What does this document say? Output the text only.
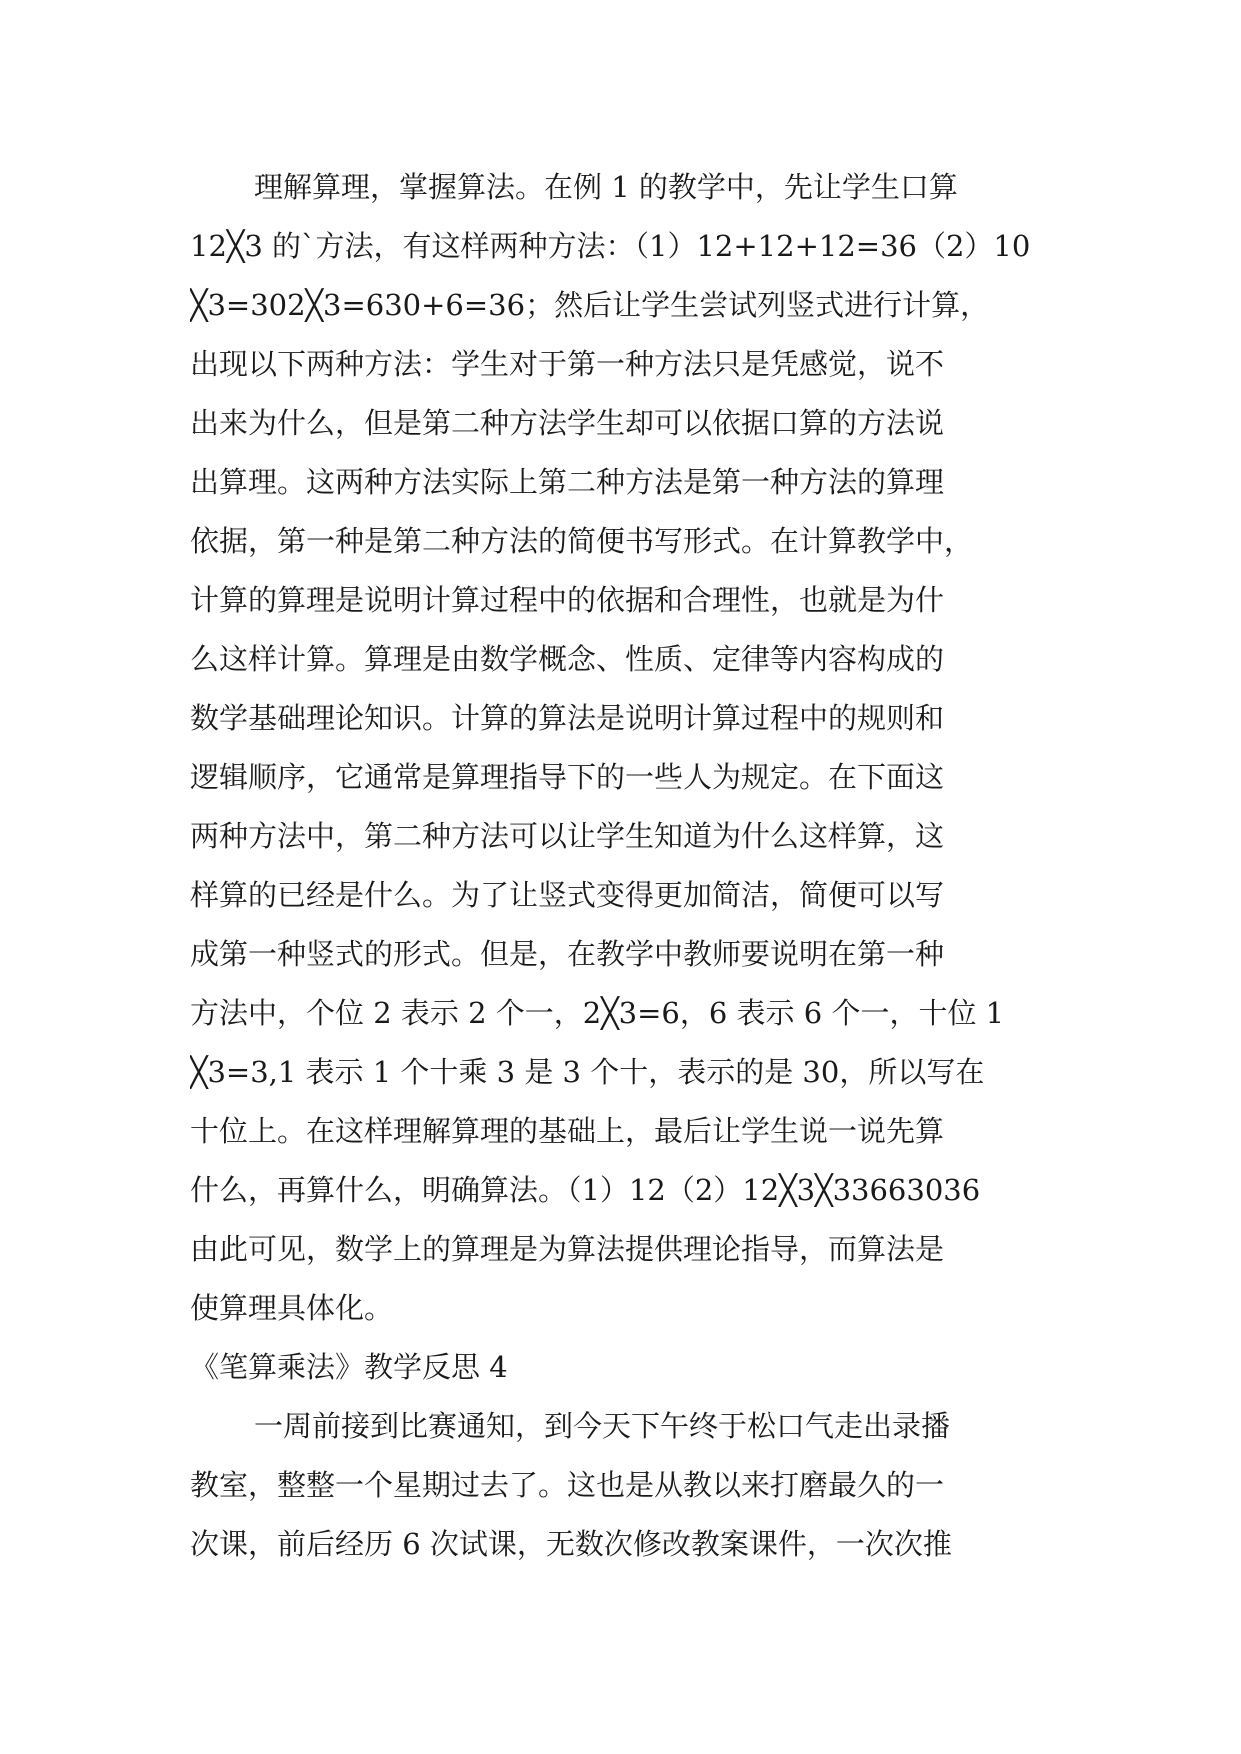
理解算理，掌握算法。在例 1 的教学中，先让学生口算
12╳3 的`方法，有这样两种方法：（1）12+12+12=36（2）10
╳3=302╳3=630+6=36；然后让学生尝试列竖式进行计算，
出现以下两种方法：学生对于第一种方法只是凭感觉，说不
出来为什么，但是第二种方法学生却可以依据口算的方法说
出算理。这两种方法实际上第二种方法是第一种方法的算理
依据，第一种是第二种方法的简便书写形式。在计算教学中，
计算的算理是说明计算过程中的依据和合理性，也就是为什
么这样计算。算理是由数学概念、性质、定律等内容构成的
数学基础理论知识。计算的算法是说明计算过程中的规则和
逻辑顺序，它通常是算理指导下的一些人为规定。在下面这
两种方法中，第二种方法可以让学生知道为什么这样算，这
样算的已经是什么。为了让竖式变得更加简洁，简便可以写
成第一种竖式的形式。但是，在教学中教师要说明在第一种
方法中，个位 2 表示 2 个一，2╳3=6，6 表示 6 个一，十位 1
╳3=3,1 表示 1 个十乘 3 是 3 个十，表示的是 30，所以写在
十位上。在这样理解算理的基础上，最后让学生说一说先算
什么，再算什么，明确算法。（1）12（2）12╳3╳33663036
由此可见，数学上的算理是为算法提供理论指导，而算法是
使算理具体化。
《笔算乘法》教学反思 4
一周前接到比赛通知，到今天下午终于松口气走出录播
教室，整整一个星期过去了。这也是从教以来打磨最久的一
次课，前后经历 6 次试课，无数次修改教案课件，一次次推
